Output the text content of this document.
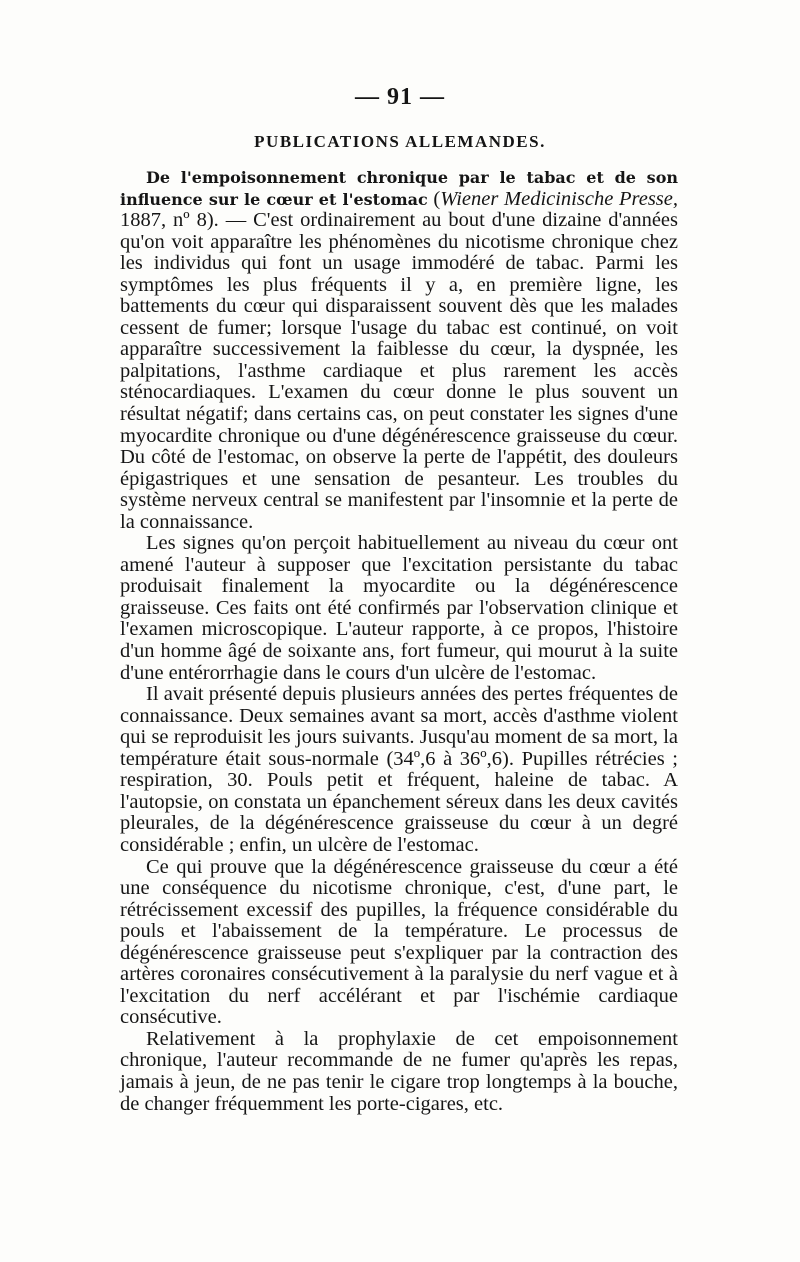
— 91 —
PUBLICATIONS ALLEMANDES.

De l'empoisonnement chronique par le tabac et de son influence sur le cœur et l'estomac (Wiener Medicinische Presse, 1887, nº 8). — C'est ordinairement au bout d'une dizaine d'années qu'on voit apparaître les phénomènes du nicotisme chronique chez les individus qui font un usage immodéré de tabac. Parmi les symptômes les plus fréquents il y a, en première ligne, les battements du cœur qui disparaissent souvent dès que les malades cessent de fumer; lorsque l'usage du tabac est continué, on voit apparaître successivement la faiblesse du cœur, la dyspnée, les palpitations, l'asthme cardiaque et plus rarement les accès sténocardiaques. L'examen du cœur donne le plus souvent un résultat négatif; dans certains cas, on peut constater les signes d'une myocardite chronique ou d'une dégénérescence graisseuse du cœur. Du côté de l'estomac, on observe la perte de l'appétit, des douleurs épigastriques et une sensation de pesanteur. Les troubles du système nerveux central se manifestent par l'insomnie et la perte de la connaissance.

Les signes qu'on perçoit habituellement au niveau du cœur ont amené l'auteur à supposer que l'excitation persistante du tabac produisait finalement la myocardite ou la dégénérescence graisseuse. Ces faits ont été confirmés par l'observation clinique et l'examen microscopique. L'auteur rapporte, à ce propos, l'histoire d'un homme âgé de soixante ans, fort fumeur, qui mourut à la suite d'une entérorrhagie dans le cours d'un ulcère de l'estomac.

Il avait présenté depuis plusieurs années des pertes fréquentes de connaissance. Deux semaines avant sa mort, accès d'asthme violent qui se reproduisit les jours suivants. Jusqu'au moment de sa mort, la température était sous-normale (34º,6 à 36º,6). Pupilles rétrécies ; respiration, 30. Pouls petit et fréquent, haleine de tabac. A l'autopsie, on constata un épanchement séreux dans les deux cavités pleurales, de la dégénérescence graisseuse du cœur à un degré considérable ; enfin, un ulcère de l'estomac.

Ce qui prouve que la dégénérescence graisseuse du cœur a été une conséquence du nicotisme chronique, c'est, d'une part, le rétrécissement excessif des pupilles, la fréquence considérable du pouls et l'abaissement de la température. Le processus de dégénérescence graisseuse peut s'expliquer par la contraction des artères coronaires consécutivement à la paralysie du nerf vague et à l'excitation du nerf accélérant et par l'ischémie cardiaque consécutive.

Relativement à la prophylaxie de cet empoisonnement chronique, l'auteur recommande de ne fumer qu'après les repas, jamais à jeun, de ne pas tenir le cigare trop longtemps à la bouche, de changer fréquemment les porte-cigares, etc.
